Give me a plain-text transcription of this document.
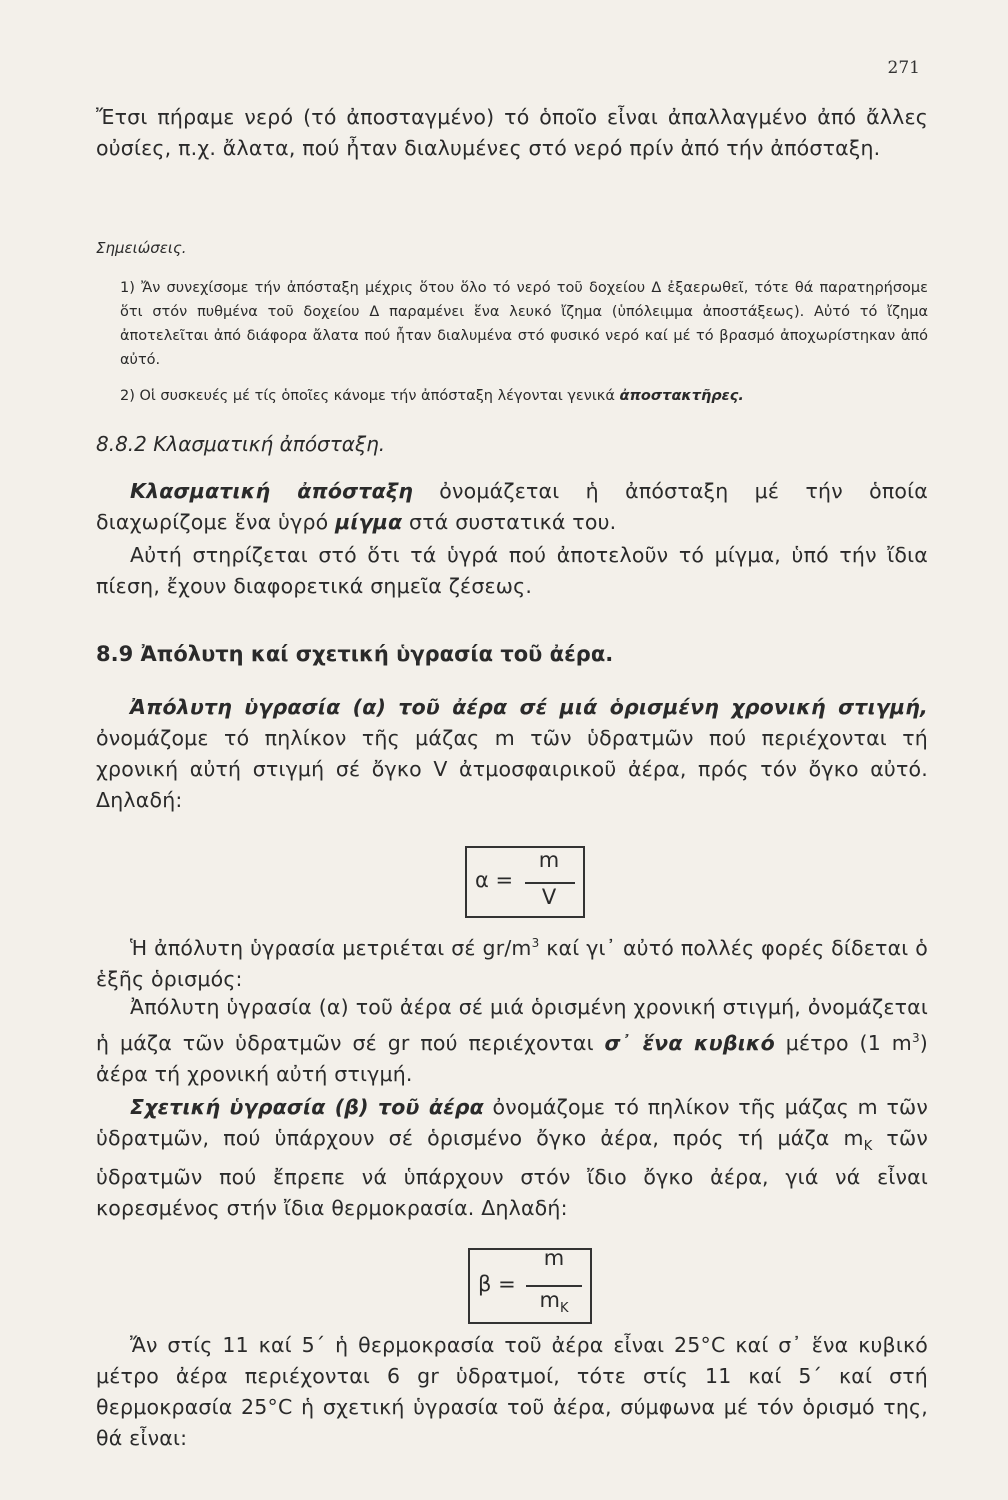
271
Ἔτσι πήραμε νερό (τό ἀποσταγμένο) τό ὁποῖο εἶναι ἀπαλλαγμένο ἀπό ἄλλες οὐσίες, π.χ. ἄλατα, πού ἦταν διαλυμένες στό νερό πρίν ἀπό τήν ἀπόσταξη.
Σημειώσεις.
1) Ἄν συνεχίσομε τήν ἀπόσταξη μέχρις ὅτου ὅλο τό νερό τοῦ δοχείου Δ ἐξαερωθεῖ, τότε θά παρατηρήσομε ὅτι στόν πυθμένα τοῦ δοχείου Δ παραμένει ἕνα λευκό ἴζημα (ὑπόλειμμα ἀποστάξεως). Αὐτό τό ἴζημα ἀποτελεῖται ἀπό διάφορα ἄλατα πού ἦταν διαλυμένα στό φυσικό νερό καί μέ τό βρασμό ἀποχωρίστηκαν ἀπό αὐτό.
2) Οἱ συσκευές μέ τίς ὁποῖες κάνομε τήν ἀπόσταξη λέγονται γενικά ἀποστακτῆρες.
8.8.2 Κλασματική ἀπόσταξη.
Κλασματική ἀπόσταξη ὀνομάζεται ἡ ἀπόσταξη μέ τήν ὁποία διαχωρίζομε ἕνα ὑγρό μίγμα στά συστατικά του.
Αὐτή στηρίζεται στό ὅτι τά ὑγρά πού ἀποτελοῦν τό μίγμα, ὑπό τήν ἴδια πίεση, ἔχουν διαφορετικά σημεῖα ζέσεως.
8.9 Ἀπόλυτη καί σχετική ὑγρασία τοῦ ἀέρα.
Ἀπόλυτη ὑγρασία (α) τοῦ ἀέρα σέ μιά ὁρισμένη χρονική στιγμή, ὀνομάζομε τό πηλίκον τῆς μάζας m τῶν ὑδρατμῶν πού περιέχονται τή χρονική αὐτή στιγμή σέ ὄγκο V ἀτμοσφαιρικοῦ ἀέρα, πρός τόν ὄγκο αὐτό. Δηλαδή:
α =
m
V
Ἡ ἀπόλυτη ὑγρασία μετριέται σέ $gr/m^3$ καί γι᾽ αὐτό πολλές φορές δίδεται ὁ ἑξῆς ὁρισμός:
Ἀπόλυτη ὑγρασία (α) τοῦ ἀέρα σέ μιά ὁρισμένη χρονική στιγμή, ὀνομάζεται ἡ μάζα τῶν ὑδρατμῶν σέ gr πού περιέχονται σ᾽ ἕνα κυβικό μέτρο (1 $m^3$) ἀέρα τή χρονική αὐτή στιγμή.
Σχετική ὑγρασία (β) τοῦ ἀέρα ὀνομάζομε τό πηλίκον τῆς μάζας m τῶν ὑδρατμῶν, πού ὑπάρχουν σέ ὁρισμένο ὄγκο ἀέρα, πρός τή μάζα $m_K$ τῶν ὑδρατμῶν πού ἔπρεπε νά ὑπάρχουν στόν ἴδιο ὄγκο ἀέρα, γιά νά εἶναι κορεσμένος στήν ἴδια θερμοκρασία. Δηλαδή:
β =
m
$m_K$
Ἄν στίς 11 καί 5´ ἡ θερμοκρασία τοῦ ἀέρα εἶναι 25°C καί σ᾽ ἕνα κυβικό μέτρο ἀέρα περιέχονται 6 gr ὑδρατμοί, τότε στίς 11 καί 5´ καί στή θερμοκρασία 25°C ἡ σχετική ὑγρασία τοῦ ἀέρα, σύμφωνα μέ τόν ὁρισμό της, θά εἶναι:
